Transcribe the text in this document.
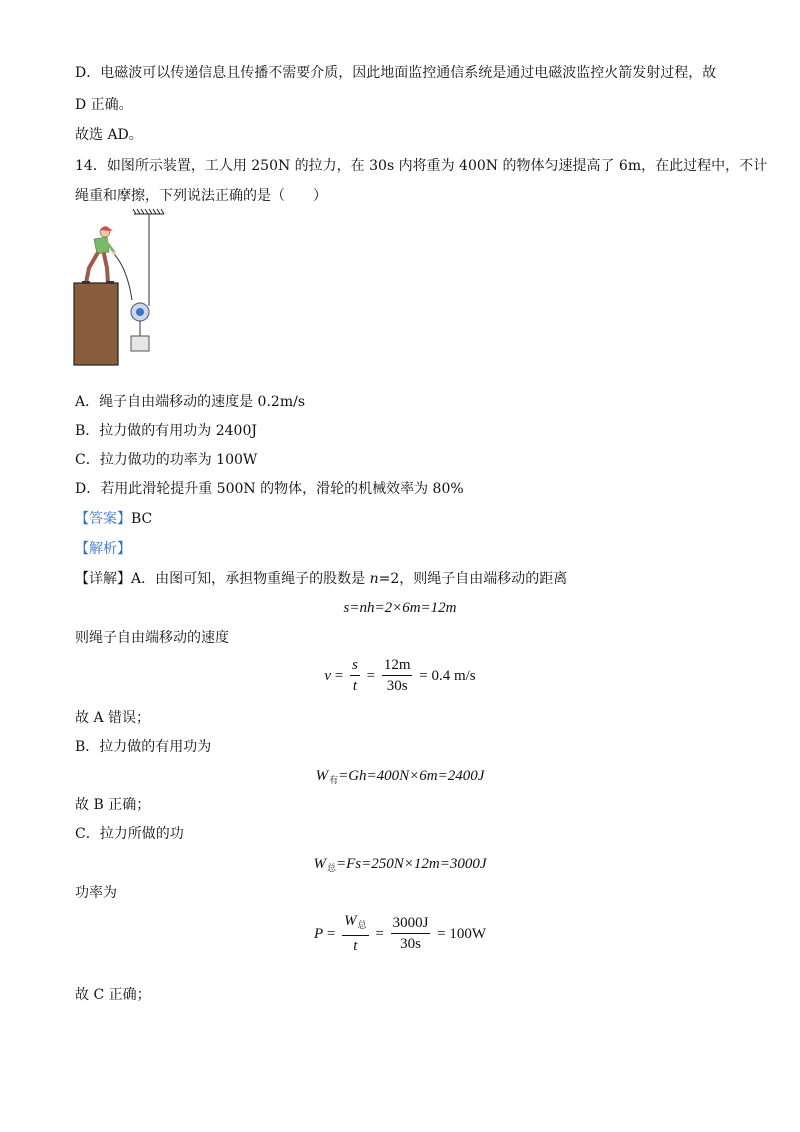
D．电磁波可以传递信息且传播不需要介质，因此地面监控通信系统是通过电磁波监控火箭发射过程，故
D 正确。
故选 AD。
14．如图所示装置，工人用 250N 的拉力，在 30s 内将重为 400N 的物体匀速提高了 6m，在此过程中，不计
绳重和摩擦，下列说法正确的是（　　）
A．绳子自由端移动的速度是 0.2m/s
B．拉力做的有用功为 2400J
C．拉力做功的功率为 100W
D．若用此滑轮提升重 500N 的物体，滑轮的机械效率为 80%
【答案】BC
【解析】
【详解】A．由图可知，承担物重绳子的股数是 n=2，则绳子自由端移动的距离
s=nh=2×6m=12m
则绳子自由端移动的速度
$v = \frac{s}{t} = \frac{12m}{30s} = 0.4$ m/s
故 A 错误；
B．拉力做的有用功为
$W_有=Gh=400N\times 6m=2400J$
故 B 正确；
C．拉力所做的功
$W_总=Fs=250N\times 12m=3000J$
功率为
$P = \frac{W_总}{t} = \frac{3000J}{30s} = 100W$
故 C 正确；
